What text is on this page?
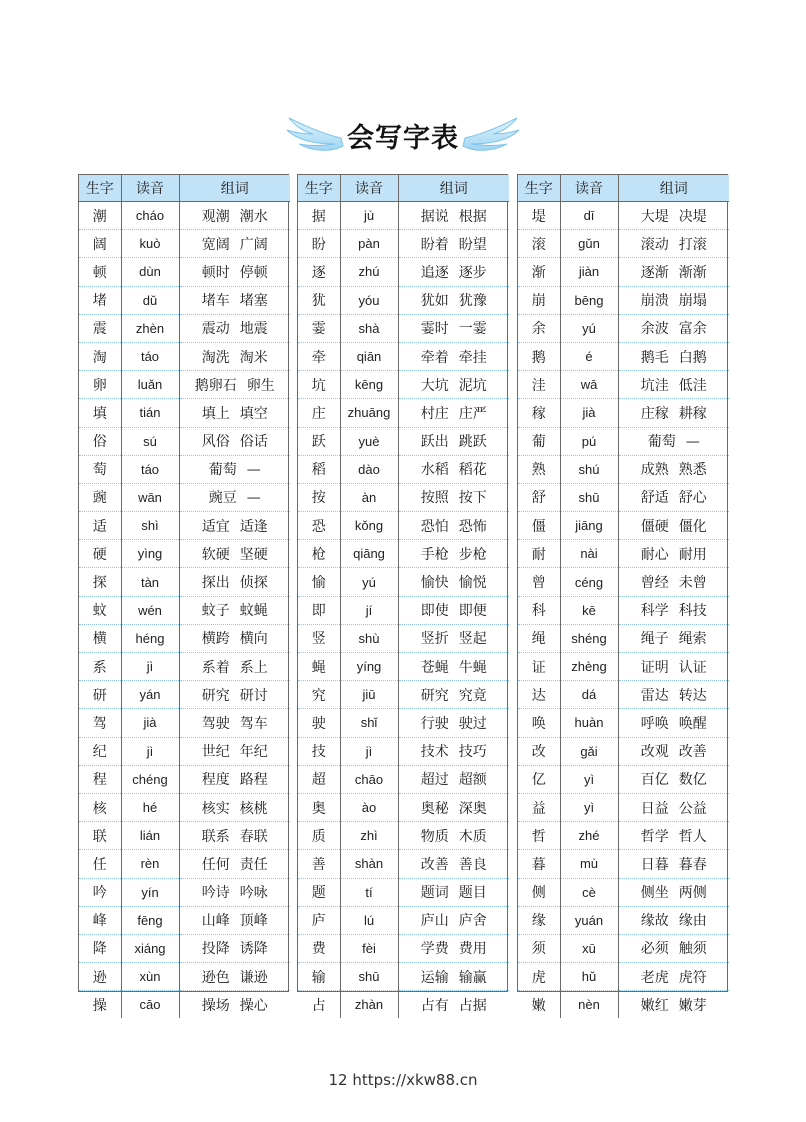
会写字表
生字	读音	组词
潮	cháo	观潮 潮水
阔	kuò	宽阔 广阔
顿	dùn	顿时 停顿
堵	dǔ	堵车 堵塞
震	zhèn	震动 地震
淘	táo	淘洗 淘米
卵	luǎn	鹅卵石 卵生
填	tián	填上 填空
俗	sú	风俗 俗话
萄	táo	葡萄 —
豌	wān	豌豆 —
适	shì	适宜 适逢
硬	yìng	软硬 坚硬
探	tàn	探出 侦探
蚊	wén	蚊子 蚊蝇
横	héng	横跨 横向
系	jì	系着 系上
研	yán	研究 研讨
驾	jià	驾驶 驾车
纪	jì	世纪 年纪
程	chéng	程度 路程
核	hé	核实 核桃
联	lián	联系 春联
任	rèn	任何 责任
吟	yín	吟诗 吟咏
峰	fēng	山峰 顶峰
降	xiáng	投降 诱降
逊	xùn	逊色 谦逊
操	cāo	操场 操心
生字	读音	组词
据	jù	据说 根据
盼	pàn	盼着 盼望
逐	zhú	追逐 逐步
犹	yóu	犹如 犹豫
霎	shà	霎时 一霎
牵	qiān	牵着 牵挂
坑	kēng	大坑 泥坑
庄	zhuāng	村庄 庄严
跃	yuè	跃出 跳跃
稻	dào	水稻 稻花
按	àn	按照 按下
恐	kǒng	恐怕 恐怖
枪	qiāng	手枪 步枪
愉	yú	愉快 愉悦
即	jí	即使 即便
竖	shù	竖折 竖起
蝇	yíng	苍蝇 牛蝇
究	jiū	研究 究竟
驶	shǐ	行驶 驶过
技	jì	技术 技巧
超	chāo	超过 超额
奥	ào	奥秘 深奥
质	zhì	物质 木质
善	shàn	改善 善良
题	tí	题词 题目
庐	lú	庐山 庐舍
费	fèi	学费 费用
输	shū	运输 输赢
占	zhàn	占有 占据
生字	读音	组词
堤	dī	大堤 决堤
滚	gǔn	滚动 打滚
渐	jiàn	逐渐 渐渐
崩	bēng	崩溃 崩塌
余	yú	余波 富余
鹅	é	鹅毛 白鹅
洼	wā	坑洼 低洼
稼	jià	庄稼 耕稼
葡	pú	葡萄 —
熟	shú	成熟 熟悉
舒	shū	舒适 舒心
僵	jiāng	僵硬 僵化
耐	nài	耐心 耐用
曾	céng	曾经 未曾
科	kē	科学 科技
绳	shéng	绳子 绳索
证	zhèng	证明 认证
达	dá	雷达 转达
唤	huàn	呼唤 唤醒
改	gǎi	改观 改善
亿	yì	百亿 数亿
益	yì	日益 公益
哲	zhé	哲学 哲人
暮	mù	日暮 暮春
侧	cè	侧坐 两侧
缘	yuán	缘故 缘由
须	xū	必须 触须
虎	hǔ	老虎 虎符
嫩	nèn	嫩红 嫩芽
12 https://xkw88.cn
